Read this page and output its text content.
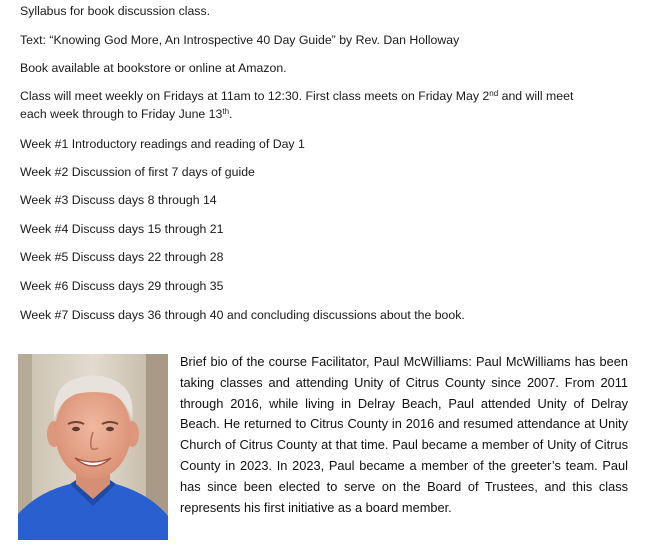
Syllabus for book discussion class.

Text: “Knowing God More, An Introspective 40 Day Guide” by Rev. Dan Holloway

Book available at bookstore or online at Amazon.

Class will meet weekly on Fridays at 11am to 12:30. First class meets on Friday May 2nd and will meet each week through to Friday June 13th.

Week #1 Introductory readings and reading of Day 1

Week #2 Discussion of first 7 days of guide

Week #3 Discuss days 8 through 14

Week #4 Discuss days 15 through 21

Week #5 Discuss days 22 through 28

Week #6 Discuss days 29 through 35

Week #7 Discuss days 36 through 40 and concluding discussions about the book.

Brief bio of the course Facilitator, Paul McWilliams: Paul McWilliams has been taking classes and attending Unity of Citrus County since 2007. From 2011 through 2016, while living in Delray Beach, Paul attended Unity of Delray Beach. He returned to Citrus County in 2016 and resumed attendance at Unity Church of Citrus County at that time. Paul became a member of Unity of Citrus County in 2023. In 2023, Paul became a member of the greeter’s team. Paul has since been elected to serve on the Board of Trustees, and this class represents his first initiative as a board member.
